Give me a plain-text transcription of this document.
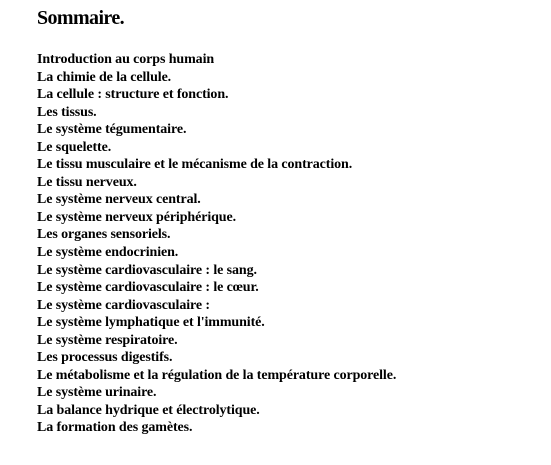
Sommaire.
Introduction au corps humain
La chimie de la cellule.
La cellule : structure et fonction.
Les tissus.
Le système tégumentaire.
Le squelette.
Le tissu musculaire et le mécanisme de la contraction.
Le tissu nerveux.
Le système nerveux central.
Le système nerveux périphérique.
Les organes sensoriels.
Le système endocrinien.
Le système cardiovasculaire : le sang.
Le système cardiovasculaire : le cœur.
Le système cardiovasculaire :
Le système lymphatique et l'immunité.
Le système respiratoire.
Les processus digestifs.
Le métabolisme et la régulation de la température corporelle.
Le système urinaire.
La balance hydrique et électrolytique.
La formation des gamètes.
